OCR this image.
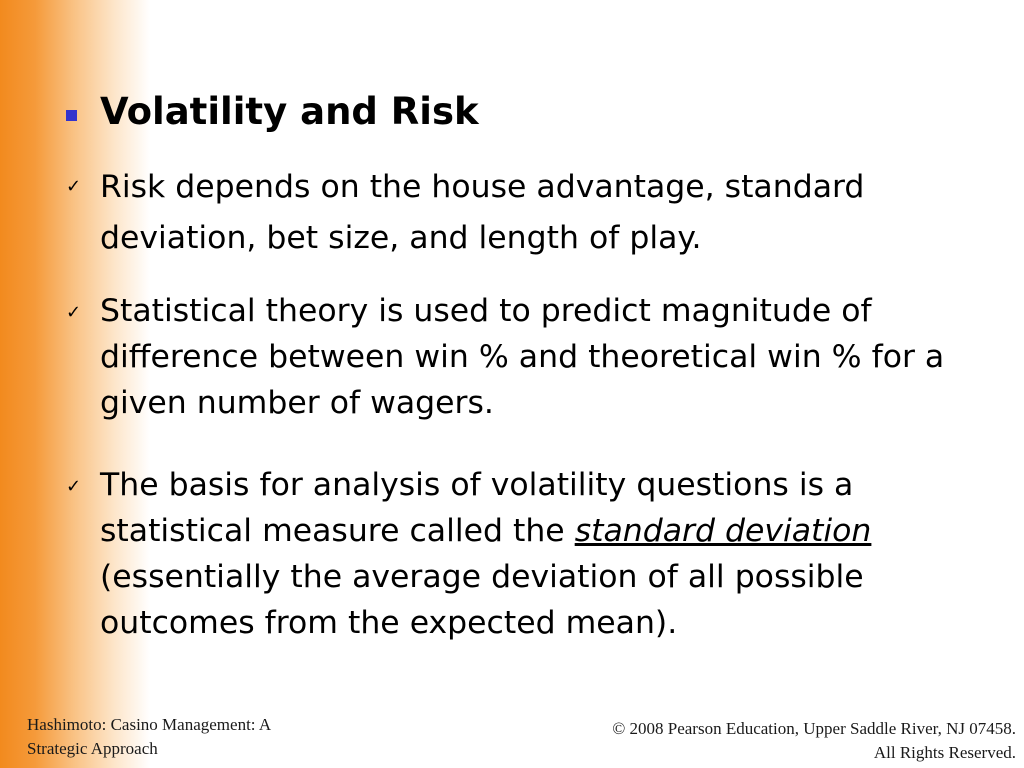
Volatility and Risk
✓ Risk depends on the house advantage, standard deviation, bet size, and length of play.
✓ Statistical theory is used to predict magnitude of difference between win % and theoretical win % for a given number of wagers.
✓ The basis for analysis of volatility questions is a statistical measure called the standard deviation (essentially the average deviation of all possible outcomes from the expected mean).
Hashimoto: Casino Management: A
Strategic Approach
© 2008 Pearson Education, Upper Saddle River, NJ 07458.
All Rights Reserved.
